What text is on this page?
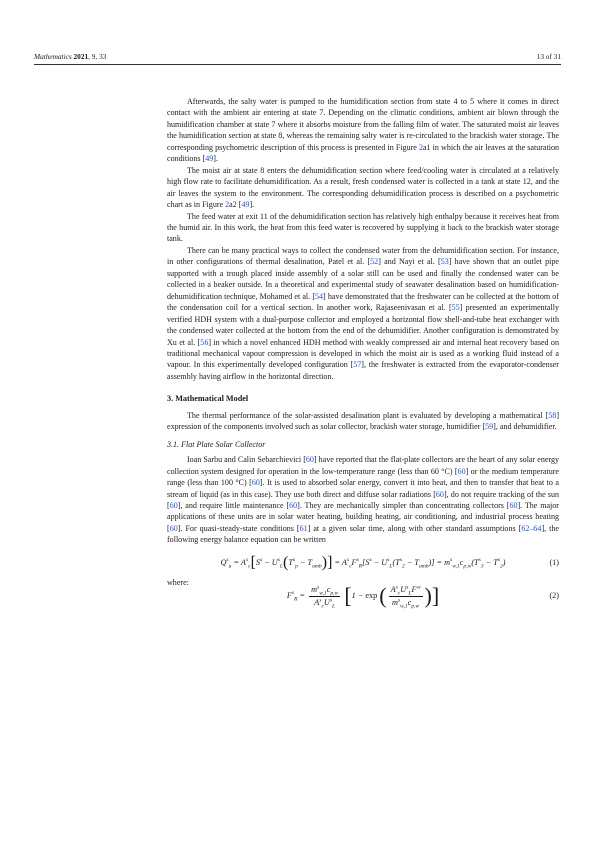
Mathematics 2021, 9, 33	13 of 31

Afterwards, the salty water is pumped to the humidification section from state 4 to 5 where it comes in direct contact with the ambient air entering at state 7. Depending on the climatic conditions, ambient air blown through the humidification chamber at state 7 where it absorbs moisture from the falling film of water. The saturated moist air leaves the humidification section at state 8, whereas the remaining salty water is re-circulated to the brackish water storage. The corresponding psychometric description of this process is presented in Figure 2a1 in which the air leaves at the saturation conditions [49].

The moist air at state 8 enters the dehumidification section where feed/cooling water is circulated at a relatively high flow rate to facilitate dehumidification. As a result, fresh condensed water is collected in a tank at state 12, and the air leaves the system to the environment. The corresponding dehumidification process is described on a psychometric chart as in Figure 2a2 [49].

The feed water at exit 11 of the dehumidification section has relatively high enthalpy because it receives heat from the humid air. In this work, the heat from this feed water is recovered by supplying it back to the brackish water storage tank.

There can be many practical ways to collect the condensed water from the dehumidification section. For instance, in other configurations of thermal desalination, Patel et al. [52] and Nayi et al. [53] have shown that an outlet pipe supported with a trough placed inside assembly of a solar still can be used and finally the condensed water can be collected in a beaker outside. In a theoretical and experimental study of seawater desalination based on humidification-dehumidification technique, Mohamed et al. [54] have demonstrated that the freshwater can be collected at the bottom of the condensation coil for a vertical section. In another work, Rajaseenivasan et al. [55] presented an experimentally verified HDH system with a dual-purpose collector and employed a horizontal flow shell-and-tube heat exchanger with the condensed water collected at the bottom from the end of the dehumidifier. Another configuration is demonstrated by Xu et al. [56] in which a novel enhanced HDH method with weakly compressed air and internal heat recovery based on traditional mechanical vapour compression is developed in which the moist air is used as a working fluid instead of a vapour. In this experimentally developed configuration [57], the freshwater is extracted from the evaporator-condenser assembly having airflow in the horizontal direction.

3. Mathematical Model

The thermal performance of the solar-assisted desalination plant is evaluated by developing a mathematical [58] expression of the components involved such as solar collector, brackish water storage, humidifier [59], and dehumidifier.

3.1. Flat Plate Solar Collector

Ioan Sarbu and Calin Sebarchievici [60] have reported that the flat-plate collectors are the heart of any solar energy collection system designed for operation in the low-temperature range (less than 60 °C) [60] or the medium temperature range (less than 100 °C) [60]. It is used to absorbed solar energy, convert it into heat, and then to transfer that heat to a stream of liquid (as in this case). They use both direct and diffuse solar radiations [60], do not require tracking of the sun [60], and require little maintenance [60]. They are mechanically simpler than concentrating collectors [60]. The major applications of these units are in solar water heating, building heating, air conditioning, and industrial process heating [60]. For quasi-steady-state conditions [61] at a given solar time, along with other standard assumptions [62–64], the following energy balance equation can be written

$Q^s_u = A^s_c[S^s - U^s_L(T^s_p - T_{amb})] = A^s_cF^s_R[S^s - U^s_L(T^s_2 - T_{amb})] = m^s_{w,1}c_{p,w}(T^s_3 - T^s_2)$	(1)

where:

$F^s_R = \frac{m^s_{w,1}c_{p,w}}{A^s_cU^s_L} [1 - \exp$ ( $\frac{A^s_cU^s_LF'^s}{m^s_{w,1}c_{p,w}}$ )]	(2)
